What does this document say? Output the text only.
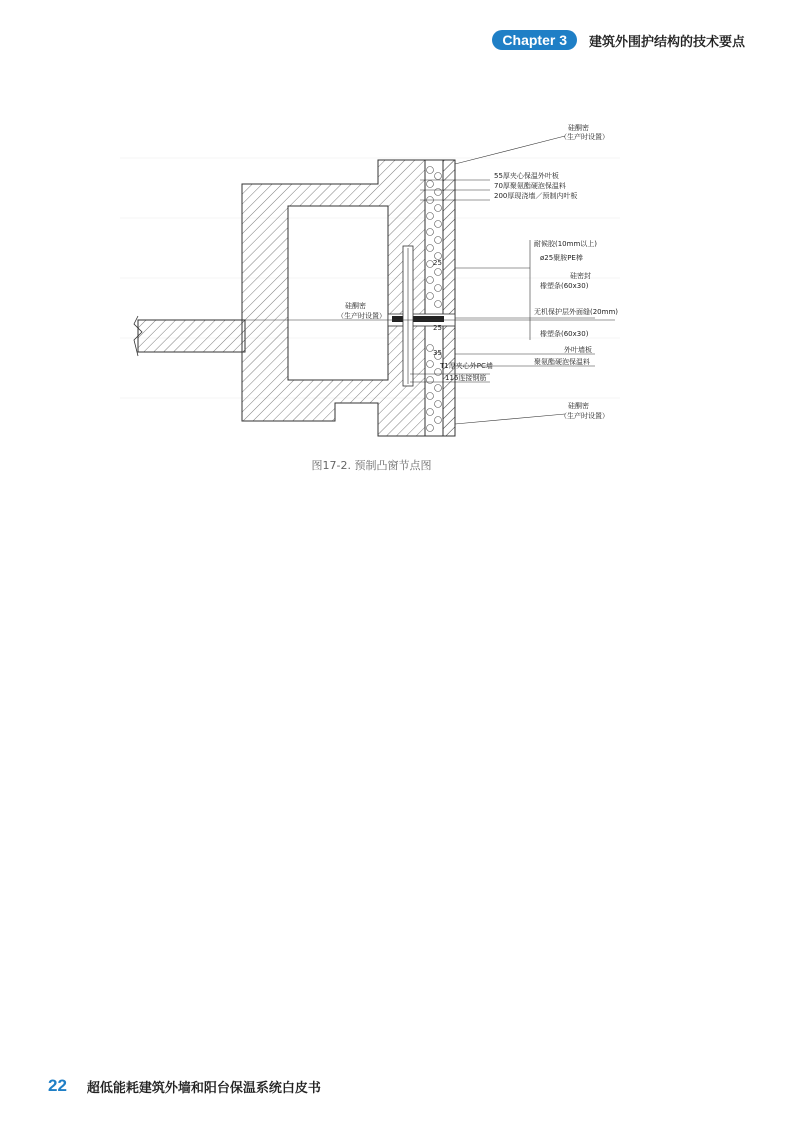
Chapter 3	建筑外围护结构的技术要点
硅酮密
（生产时设置）
55厚夹心保温外叶板
70厚聚氨酯硬泡保温料
200厚现浇墙／预制内叶板
耐候胶(10mm以上)
ø25聚胺PE棒
硅密封
橡塑条(60x30)
无机保护层外面缝(20mm)
橡塑条(60x30)
外叶墙板
聚氨酯硬泡保温料
T1厚夹心外PC墙
116连接钢筋
硅酮密
（生产时设置）
硅酮密
（生产时设置）
25
25
35
图17-2. 预制凸窗节点图
22 超低能耗建筑外墙和阳台保温系统白皮书
